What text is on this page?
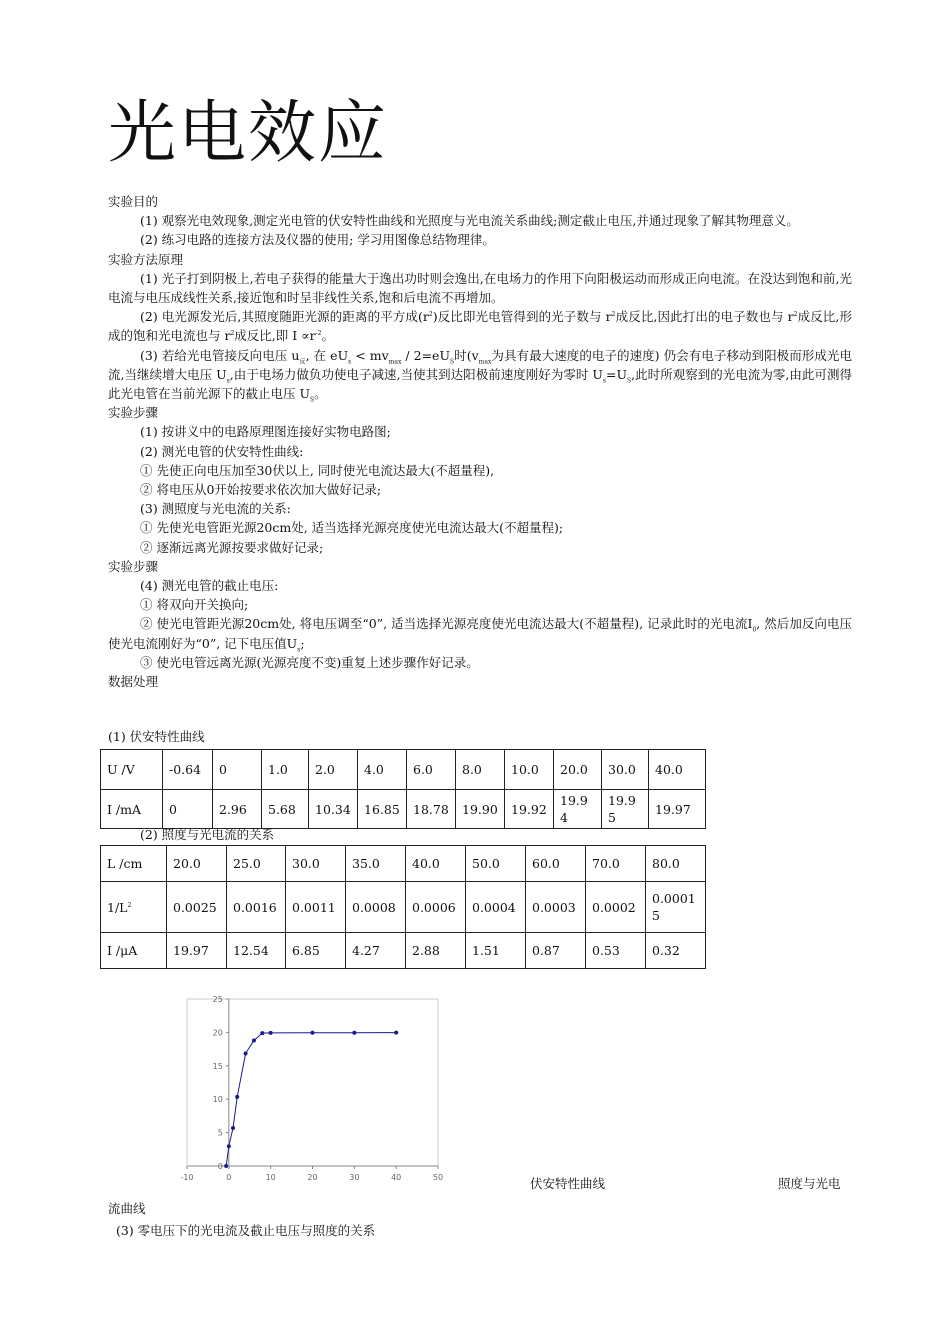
光电效应

实验目的

(1) 观察光电效现象,测定光电管的伏安特性曲线和光照度与光电流关系曲线;测定截止电压,并通过现象了解其物理意义。

(2) 练习电路的连接方法及仪器的使用; 学习用图像总结物理律。

实验方法原理

(1) 光子打到阴极上,若电子获得的能量大于逸出功时则会逸出,在电场力的作用下向阳极运动而形成正向电流。在没达到饱和前,光电流与电压成线性关系,接近饱和时呈非线性关系,饱和后电流不再增加。

(2) 电光源发光后,其照度随距光源的距离的平方成$(r^2)$反比即光电管得到的光子数与 $r^2$成反比,因此打出的电子数也与 $r^2$成反比,形成的饱和光电流也与 $r^2$成反比,即 $I \propto r^{-2}$。

(3) 若给光电管接反向电压 $u_反$, 在 $eU_s < mv_{max} / 2=eU_S$时($v_{max}$为具有最大速度的电子的速度) 仍会有电子移动到阳极而形成光电流,当继续增大电压 $U_s$,由于电场力做负功使电子减速,当使其到达阳极前速度刚好为零时 $U_s=U_S$,此时所观察到的光电流为零,由此可测得此光电管在当前光源下的截止电压 $U_S$。

实验步骤

(1) 按讲义中的电路原理图连接好实物电路图;

(2) 测光电管的伏安特性曲线:

① 先使正向电压加至30伏以上, 同时使光电流达最大(不超量程),

② 将电压从0开始按要求依次加大做好记录;

(3) 测照度与光电流的关系:

① 先使光电管距光源20cm处, 适当选择光源亮度使光电流达最大(不超量程);

② 逐渐远离光源按要求做好记录;

实验步骤

(4) 测光电管的截止电压:

① 将双向开关换向;

② 使光电管距光源20cm处, 将电压调至“0”, 适当选择光源亮度使光电流达最大(不超量程), 记录此时的光电流$I_0$, 然后加反向电压使光电流刚好为“0”, 记下电压值$U_s$;

③ 使光电管远离光源(光源亮度不变)重复上述步骤作好记录。

数据处理

(1) 伏安特性曲线
U /V	-0.64	0	1.0	2.0	4.0	6.0	8.0	10.0	20.0	30.0	40.0
I /mA	0	2.96	5.68	10.34	16.85	18.78	19.90	19.92	19.94	19.95	19.97
(2) 照度与光电流的关系
L /cm	20.0	25.0	30.0	35.0	40.0	50.0	60.0	70.0	80.0
$1/L^2$	0.0025	0.0016	0.0011	0.0008	0.0006	0.0004	0.0003	0.0002	0.00015
I /μA	19.97	12.54	6.85	4.27	2.88	1.51	0.87	0.53	0.32
0
5
10
15
20
25
-10	0	10	20	30	40	50	伏安特性曲线	照度与光电
流曲线
(3) 零电压下的光电流及截止电压与照度的关系
